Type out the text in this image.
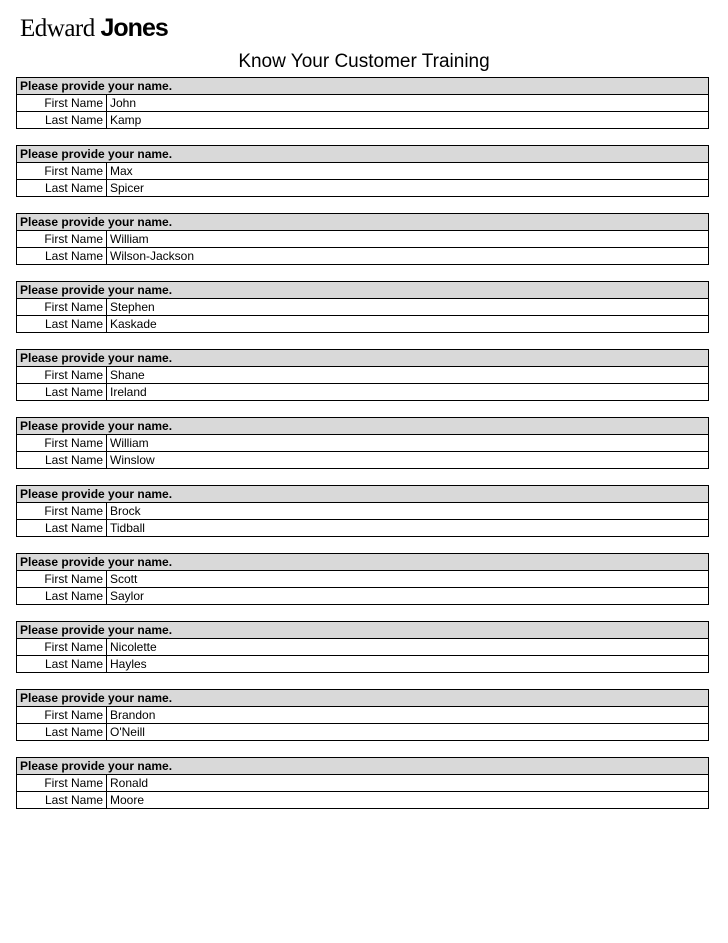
Edward Jones
Know Your Customer Training
Please provide your name.
First Name John
Last Name Kamp
Please provide your name.
First Name Max
Last Name Spicer
Please provide your name.
First Name William
Last Name Wilson-Jackson
Please provide your name.
First Name Stephen
Last Name Kaskade
Please provide your name.
First Name Shane
Last Name Ireland
Please provide your name.
First Name William
Last Name Winslow
Please provide your name.
First Name Brock
Last Name Tidball
Please provide your name.
First Name Scott
Last Name Saylor
Please provide your name.
First Name Nicolette
Last Name Hayles
Please provide your name.
First Name Brandon
Last Name O'Neill
Please provide your name.
First Name Ronald
Last Name Moore
